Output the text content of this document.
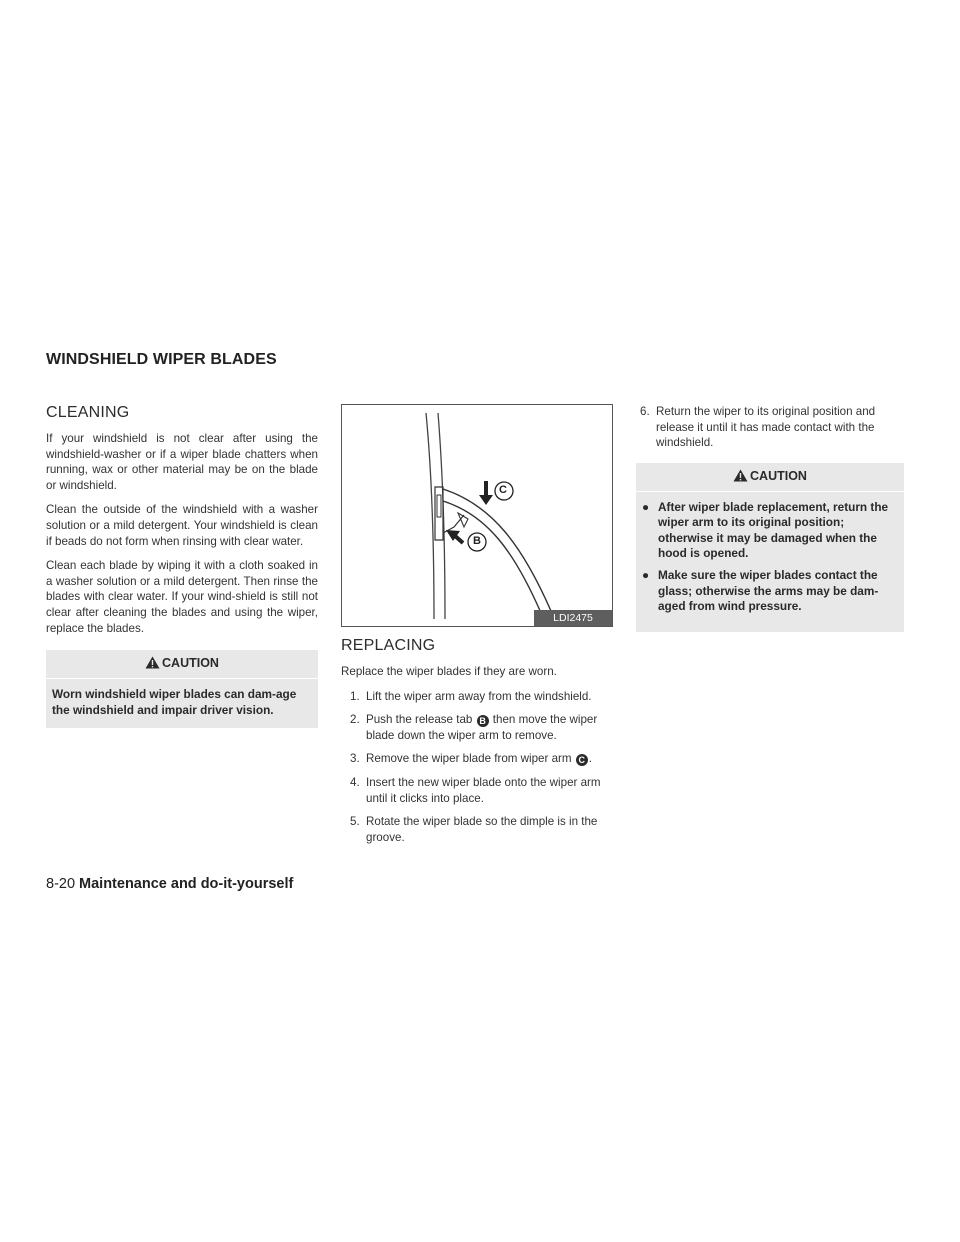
WINDSHIELD WIPER BLADES
CLEANING

If your windshield is not clear after using the windshield-washer or if a wiper blade chatters when running, wax or other material may be on the blade or windshield.

Clean the outside of the windshield with a washer solution or a mild detergent. Your windshield is clean if beads do not form when rinsing with clear water.

Clean each blade by wiping it with a cloth soaked in a washer solution or a mild detergent. Then rinse the blades with clear water. If your wind-shield is still not clear after cleaning the blades and using the wiper, replace the blades.

CAUTION
Worn windshield wiper blades can dam-age the windshield and impair driver vision.
C
B
LDI2475
REPLACING

Replace the wiper blades if they are worn.

1. Lift the wiper arm away from the windshield.
2. Push the release tab B then move the wiper blade down the wiper arm to remove.
3. Remove the wiper blade from wiper arm C .
4. Insert the new wiper blade onto the wiper arm until it clicks into place.
5. Rotate the wiper blade so the dimple is in the groove.
6. Return the wiper to its original position and release it until it has made contact with the windshield.
CAUTION
● After wiper blade replacement, return the wiper arm to its original position; otherwise it may be damaged when the hood is opened.
● Make sure the wiper blades contact the glass; otherwise the arms may be dam-aged from wind pressure.
8-20 Maintenance and do-it-yourself
